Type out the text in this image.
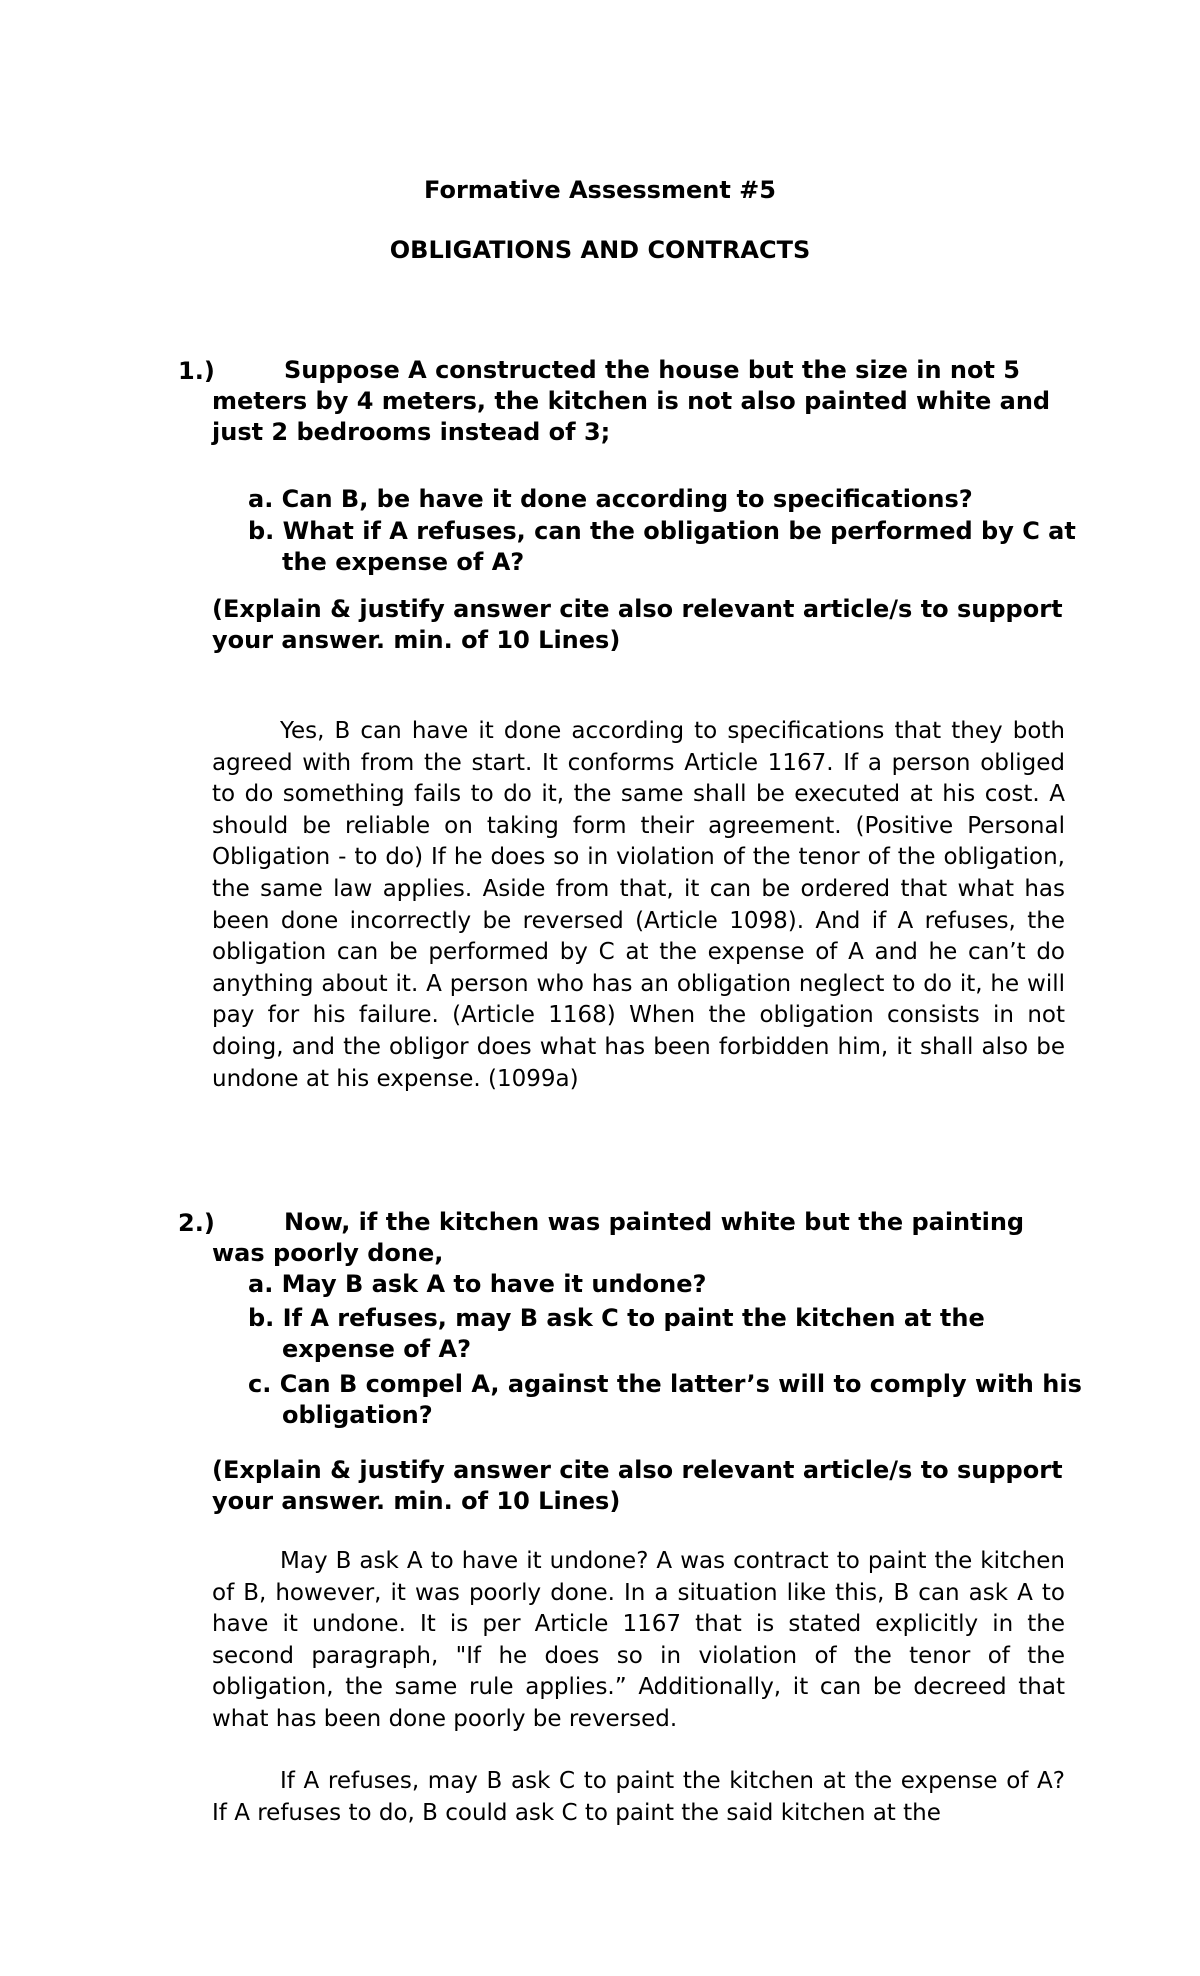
Formative Assessment #5
OBLIGATIONS AND CONTRACTS

1.)	Suppose A constructed the house but the size in not 5 meters by 4 meters, the kitchen is not also painted white and just 2 bedrooms instead of 3;

a. Can B, be have it done according to specifications?

b. What if A refuses, can the obligation be performed by C at the expense of A?

(Explain & justify answer cite also relevant article/s to support your answer. min. of 10 Lines)

Yes, B can have it done according to specifications that they both agreed with from the start. It conforms Article 1167. If a person obliged to do something fails to do it, the same shall be executed at his cost. A should be reliable on taking form their agreement. (Positive Personal Obligation - to do) If he does so in violation of the tenor of the obligation, the same law applies. Aside from that, it can be ordered that what has been done incorrectly be reversed (Article 1098). And if A refuses, the obligation can be performed by C at the expense of A and he can’t do anything about it. A person who has an obligation neglect to do it, he will pay for his failure. (Article 1168) When the obligation consists in not doing, and the obligor does what has been forbidden him, it shall also be undone at his expense. (1099a)

2.)	Now, if the kitchen was painted white but the painting was poorly done,

a. May B ask A to have it undone?

b. If A refuses, may B ask C to paint the kitchen at the expense of A?

c. Can B compel A, against the latter’s will to comply with his obligation?

(Explain & justify answer cite also relevant article/s to support your answer. min. of 10 Lines)

May B ask A to have it undone? A was contract to paint the kitchen of B, however, it was poorly done. In a situation like this, B can ask A to have it undone. It is per Article 1167 that is stated explicitly in the second paragraph, "If he does so in violation of the tenor of the obligation, the same rule applies.” Additionally, it can be decreed that what has been done poorly be reversed.

If A refuses, may B ask C to paint the kitchen at the expense of A? If A refuses to do, B could ask C to paint the said kitchen at the
